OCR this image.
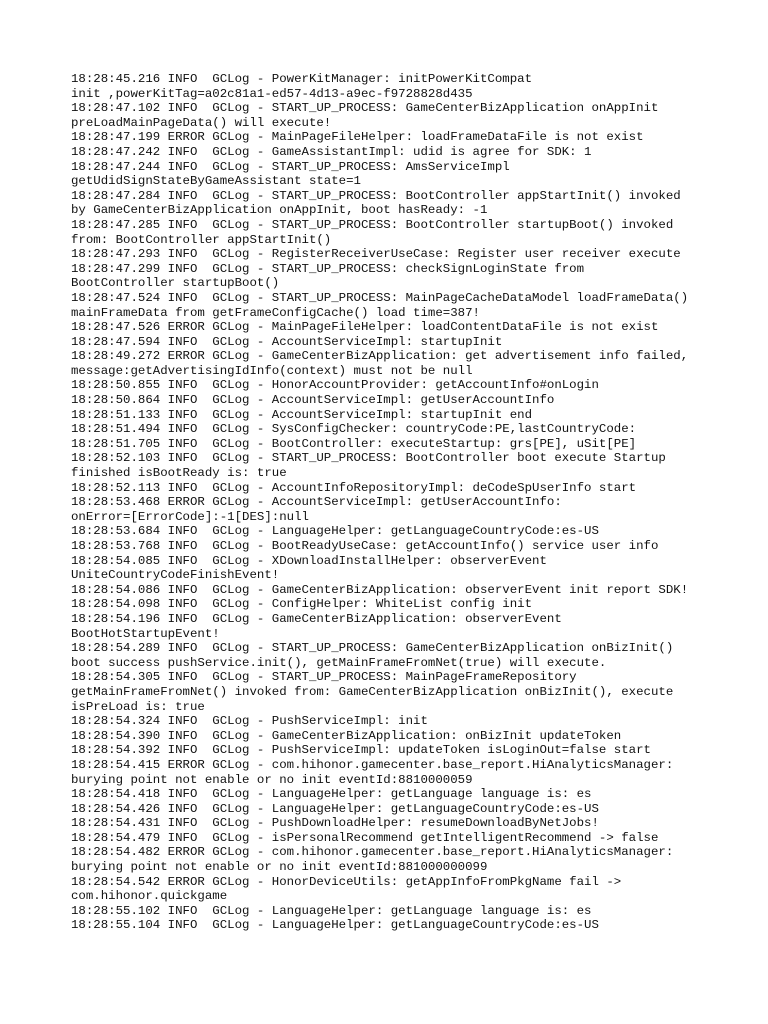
18:28:45.216 INFO  GCLog - PowerKitManager: initPowerKitCompat
init ,powerKitTag=a02c81a1-ed57-4d13-a9ec-f9728828d435
18:28:47.102 INFO  GCLog - START_UP_PROCESS: GameCenterBizApplication onAppInit
preLoadMainPageData() will execute!
18:28:47.199 ERROR GCLog - MainPageFileHelper: loadFrameDataFile is not exist
18:28:47.242 INFO  GCLog - GameAssistantImpl: udid is agree for SDK: 1
18:28:47.244 INFO  GCLog - START_UP_PROCESS: AmsServiceImpl
getUdidSignStateByGameAssistant state=1
18:28:47.284 INFO  GCLog - START_UP_PROCESS: BootController appStartInit() invoked
by GameCenterBizApplication onAppInit, boot hasReady: -1
18:28:47.285 INFO  GCLog - START_UP_PROCESS: BootController startupBoot() invoked
from: BootController appStartInit()
18:28:47.293 INFO  GCLog - RegisterReceiverUseCase: Register user receiver execute
18:28:47.299 INFO  GCLog - START_UP_PROCESS: checkSignLoginState from
BootController startupBoot()
18:28:47.524 INFO  GCLog - START_UP_PROCESS: MainPageCacheDataModel loadFrameData()
mainFrameData from getFrameConfigCache() load time=387!
18:28:47.526 ERROR GCLog - MainPageFileHelper: loadContentDataFile is not exist
18:28:47.594 INFO  GCLog - AccountServiceImpl: startupInit
18:28:49.272 ERROR GCLog - GameCenterBizApplication: get advertisement info failed,
message:getAdvertisingIdInfo(context) must not be null
18:28:50.855 INFO  GCLog - HonorAccountProvider: getAccountInfo#onLogin
18:28:50.864 INFO  GCLog - AccountServiceImpl: getUserAccountInfo
18:28:51.133 INFO  GCLog - AccountServiceImpl: startupInit end
18:28:51.494 INFO  GCLog - SysConfigChecker: countryCode:PE,lastCountryCode:
18:28:51.705 INFO  GCLog - BootController: executeStartup: grs[PE], uSit[PE]
18:28:52.103 INFO  GCLog - START_UP_PROCESS: BootController boot execute Startup
finished isBootReady is: true
18:28:52.113 INFO  GCLog - AccountInfoRepositoryImpl: deCodeSpUserInfo start
18:28:53.468 ERROR GCLog - AccountServiceImpl: getUserAccountInfo:
onError=[ErrorCode]:-1[DES]:null
18:28:53.684 INFO  GCLog - LanguageHelper: getLanguageCountryCode:es-US
18:28:53.768 INFO  GCLog - BootReadyUseCase: getAccountInfo() service user info
18:28:54.085 INFO  GCLog - XDownloadInstallHelper: observerEvent
UniteCountryCodeFinishEvent!
18:28:54.086 INFO  GCLog - GameCenterBizApplication: observerEvent init report SDK!
18:28:54.098 INFO  GCLog - ConfigHelper: WhiteList config init
18:28:54.196 INFO  GCLog - GameCenterBizApplication: observerEvent
BootHotStartupEvent!
18:28:54.289 INFO  GCLog - START_UP_PROCESS: GameCenterBizApplication onBizInit()
boot success pushService.init(), getMainFrameFromNet(true) will execute.
18:28:54.305 INFO  GCLog - START_UP_PROCESS: MainPageFrameRepository
getMainFrameFromNet() invoked from: GameCenterBizApplication onBizInit(), execute
isPreLoad is: true
18:28:54.324 INFO  GCLog - PushServiceImpl: init
18:28:54.390 INFO  GCLog - GameCenterBizApplication: onBizInit updateToken
18:28:54.392 INFO  GCLog - PushServiceImpl: updateToken isLoginOut=false start
18:28:54.415 ERROR GCLog - com.hihonor.gamecenter.base_report.HiAnalyticsManager:
burying point not enable or no init eventId:8810000059
18:28:54.418 INFO  GCLog - LanguageHelper: getLanguage language is: es
18:28:54.426 INFO  GCLog - LanguageHelper: getLanguageCountryCode:es-US
18:28:54.431 INFO  GCLog - PushDownloadHelper: resumeDownloadByNetJobs!
18:28:54.479 INFO  GCLog - isPersonalRecommend getIntelligentRecommend -> false
18:28:54.482 ERROR GCLog - com.hihonor.gamecenter.base_report.HiAnalyticsManager:
burying point not enable or no init eventId:881000000099
18:28:54.542 ERROR GCLog - HonorDeviceUtils: getAppInfoFromPkgName fail ->
com.hihonor.quickgame
18:28:55.102 INFO  GCLog - LanguageHelper: getLanguage language is: es
18:28:55.104 INFO  GCLog - LanguageHelper: getLanguageCountryCode:es-US
